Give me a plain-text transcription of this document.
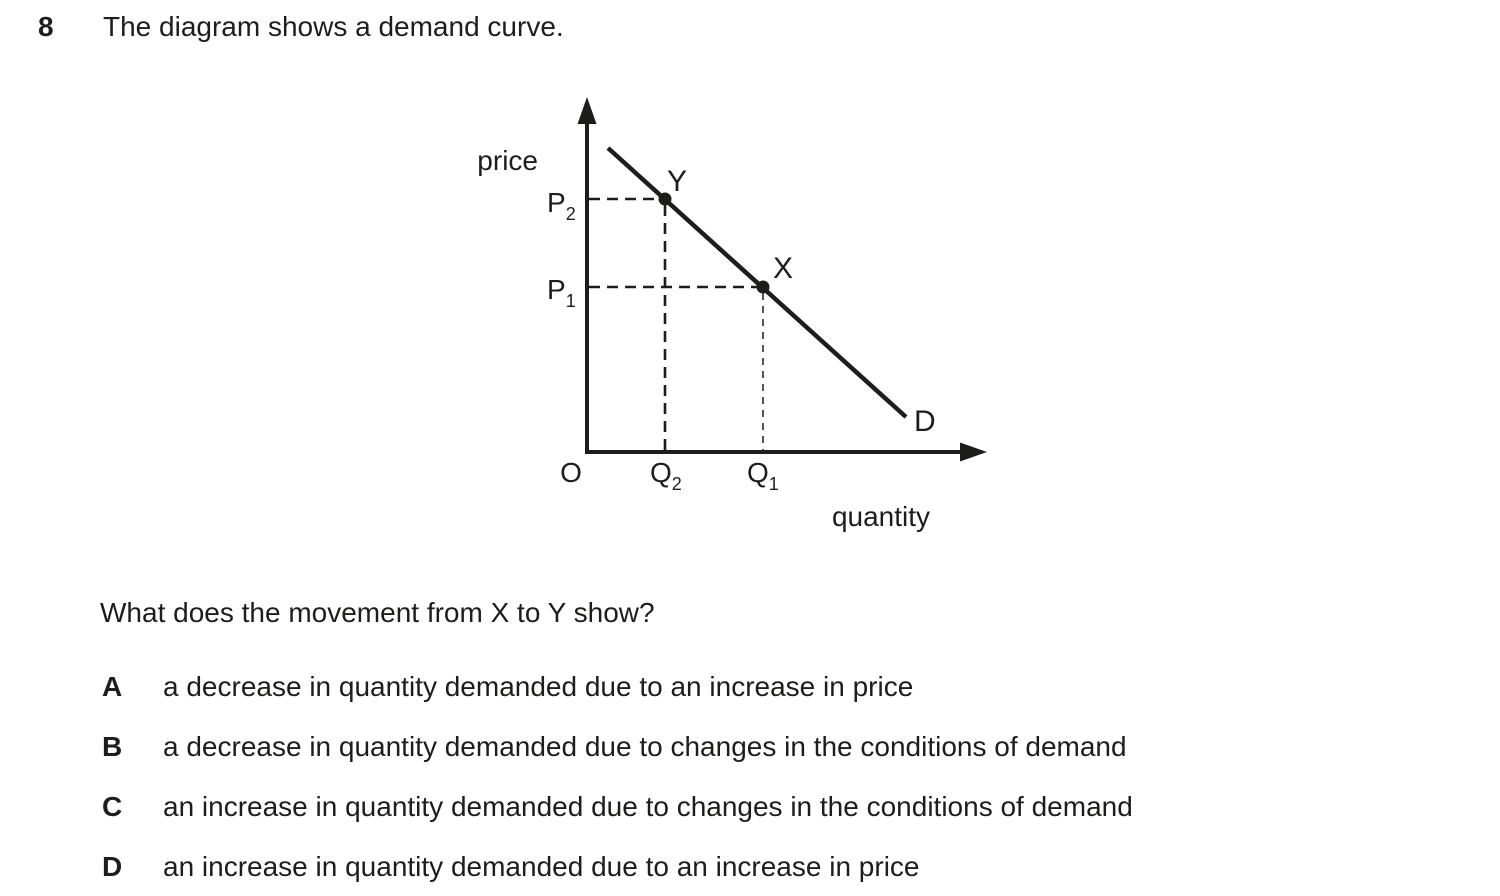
8 The diagram shows a demand curve.
price
quantity
O
$P_2$
$P_1$
$Q_2$ $Q_1$
Y
X
D
What does the movement from X to Y show?
A a decrease in quantity demanded due to an increase in price
B a decrease in quantity demanded due to changes in the conditions of demand
C an increase in quantity demanded due to changes in the conditions of demand
D an increase in quantity demanded due to an increase in price
